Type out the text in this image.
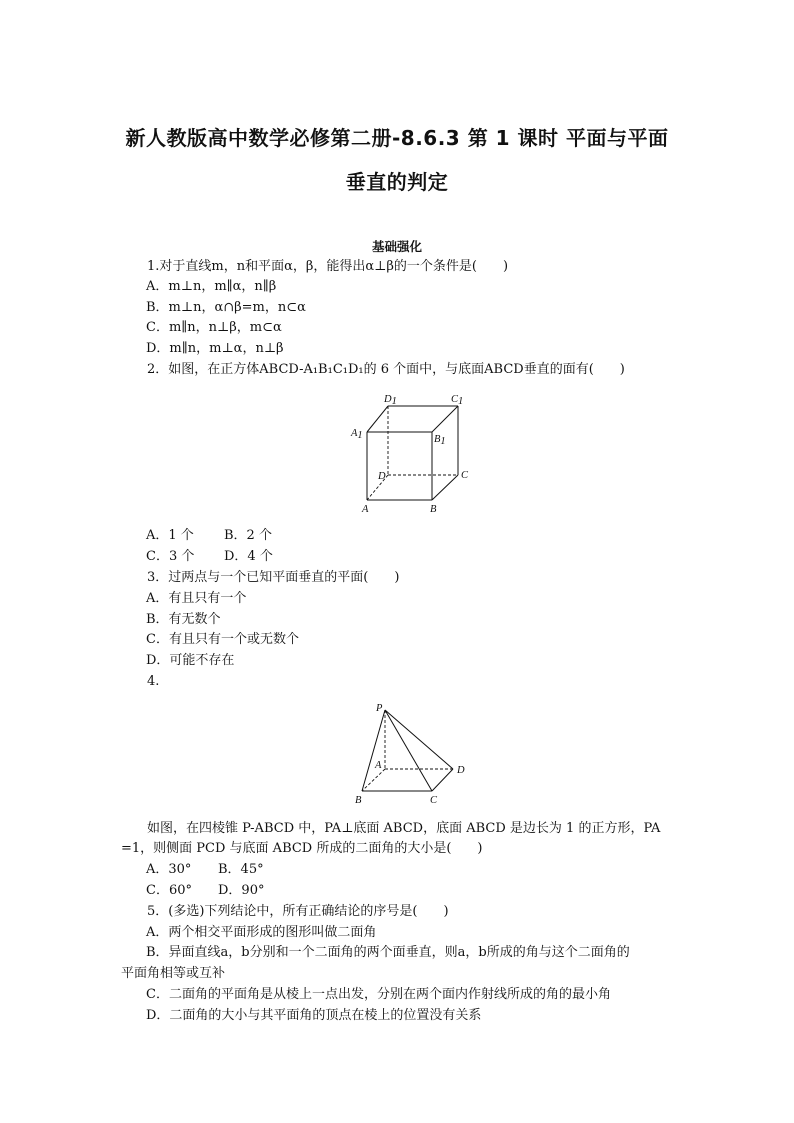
新人教版高中数学必修第二册-8.6.3 第 1 课时 平面与平面
垂直的判定
基础强化
1.对于直线m，n和平面α，β，能得出α⊥β的一个条件是(　　)
A．m⊥n，m∥α，n∥β
B．m⊥n，α∩β=m，n⊂α
C．m∥n，n⊥β，m⊂α
D．m∥n，m⊥α，n⊥β
2．如图，在正方体ABCD-A₁B₁C₁D₁的 6 个面中，与底面ABCD垂直的面有(　　)
D1	C1
A1	B1
D	C
A	B
A．1 个 B．2 个
C．3 个 D．4 个
3．过两点与一个已知平面垂直的平面(　　)
A．有且只有一个
B．有无数个
C．有且只有一个或无数个
D．可能不存在
4.
P
A	D
B	C
如图，在四棱锥 P-ABCD 中，PA⊥底面 ABCD，底面 ABCD 是边长为 1 的正方形，PA
=1，则侧面 PCD 与底面 ABCD 所成的二面角的大小是(　　)
A．30° B．45°
C．60° D．90°
5．(多选)下列结论中，所有正确结论的序号是(　　)
A．两个相交平面形成的图形叫做二面角
B．异面直线a，b分别和一个二面角的两个面垂直，则a，b所成的角与这个二面角的
平面角相等或互补
C．二面角的平面角是从棱上一点出发，分别在两个面内作射线所成的角的最小角
D．二面角的大小与其平面角的顶点在棱上的位置没有关系
